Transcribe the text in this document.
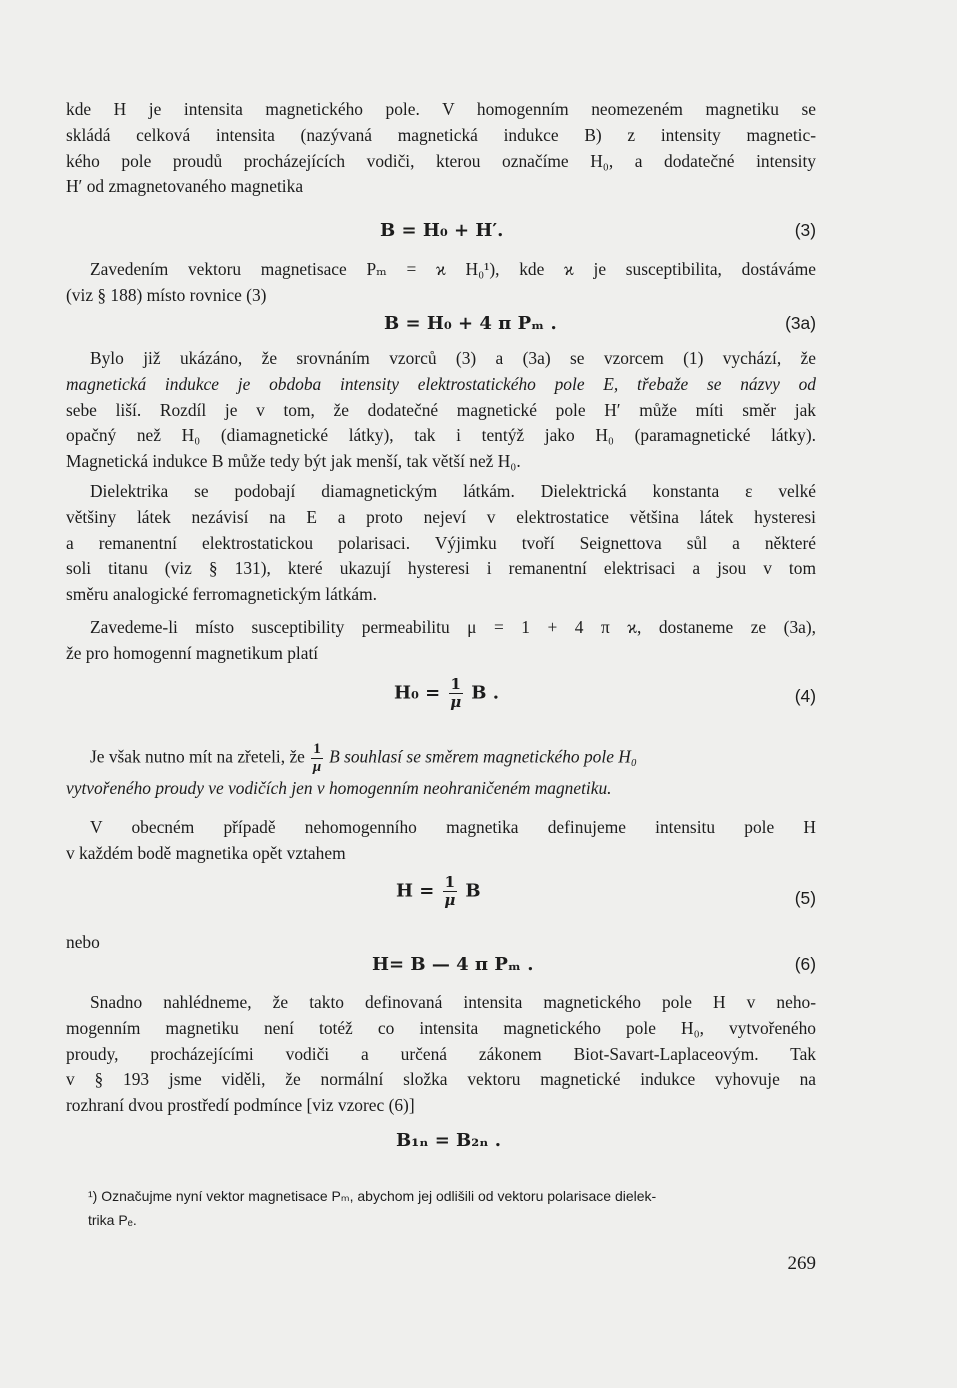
kde H je intensita magnetického pole. V homogenním neomezeném magnetiku se
skládá celková intensita (nazývaná magnetická indukce B) z intensity magnetic-
kého pole proudů procházejících vodiči, kterou označíme H₀, a dodatečné intensity
H′ od zmagnetovaného magnetika
B = H₀ + H′.	(3)
Zavedením vektoru magnetisace Pₘ = ϰ H₀¹), kde ϰ je susceptibilita, dostáváme
(viz § 188) místo rovnice (3)
B = H₀ + 4 π Pₘ .	(3a)
Bylo již ukázáno, že srovnáním vzorců (3) a (3a) se vzorcem (1) vychází, že
magnetická indukce je obdoba intensity elektrostatického pole E, třebaže se názvy od
sebe liší. Rozdíl je v tom, že dodatečné magnetické pole H′ může míti směr jak
opačný než H₀ (diamagnetické látky), tak i tentýž jako H₀ (paramagnetické látky).
Magnetická indukce B může tedy být jak menší, tak větší než H₀.
Dielektrika se podobají diamagnetickým látkám. Dielektrická konstanta ε velké
většiny látek nezávisí na E a proto nejeví v elektrostatice většina látek hysteresi
a remanentní elektrostatickou polarisaci. Výjimku tvoří Seignettova sůl a některé
soli titanu (viz § 131), které ukazují hysteresi i remanentní elektrisaci a jsou v tom
směru analogické ferromagnetickým látkám.
Zavedeme-li místo susceptibility permeabilitu μ = 1 + 4 π ϰ, dostaneme ze (3a),
že pro homogenní magnetikum platí
$H_0 = \frac{1}{\mu}$ B .	(4)
Je však nutno mít na zřeteli, že $\frac{1}{\mu}$ B souhlasí se směrem magnetického pole H₀
vytvořeného proudy ve vodičích jen v homogenním neohraničeném magnetiku.
V obecném případě nehomogenního magnetika definujeme intensitu pole H
v každém bodě magnetika opět vztahem
$H = \frac{1}{\mu}$ B	(5)
nebo
H= B — 4 π Pₘ .	(6)
Snadno nahlédneme, že takto definovaná intensita magnetického pole H v neho-
mogenním magnetiku není totéž co intensita magnetického pole H₀, vytvořeného
proudy, procházejícími vodiči a určená zákonem Biot-Savart-Laplaceovým. Tak
v § 193 jsme viděli, že normální složka vektoru magnetické indukce vyhovuje na
rozhraní dvou prostředí podmínce [viz vzorec (6)]
B₁ₙ = B₂ₙ .
¹) Označujme nyní vektor magnetisace Pₘ, abychom jej odlišili od vektoru polarisace dielek-
trika Pₑ.
269
